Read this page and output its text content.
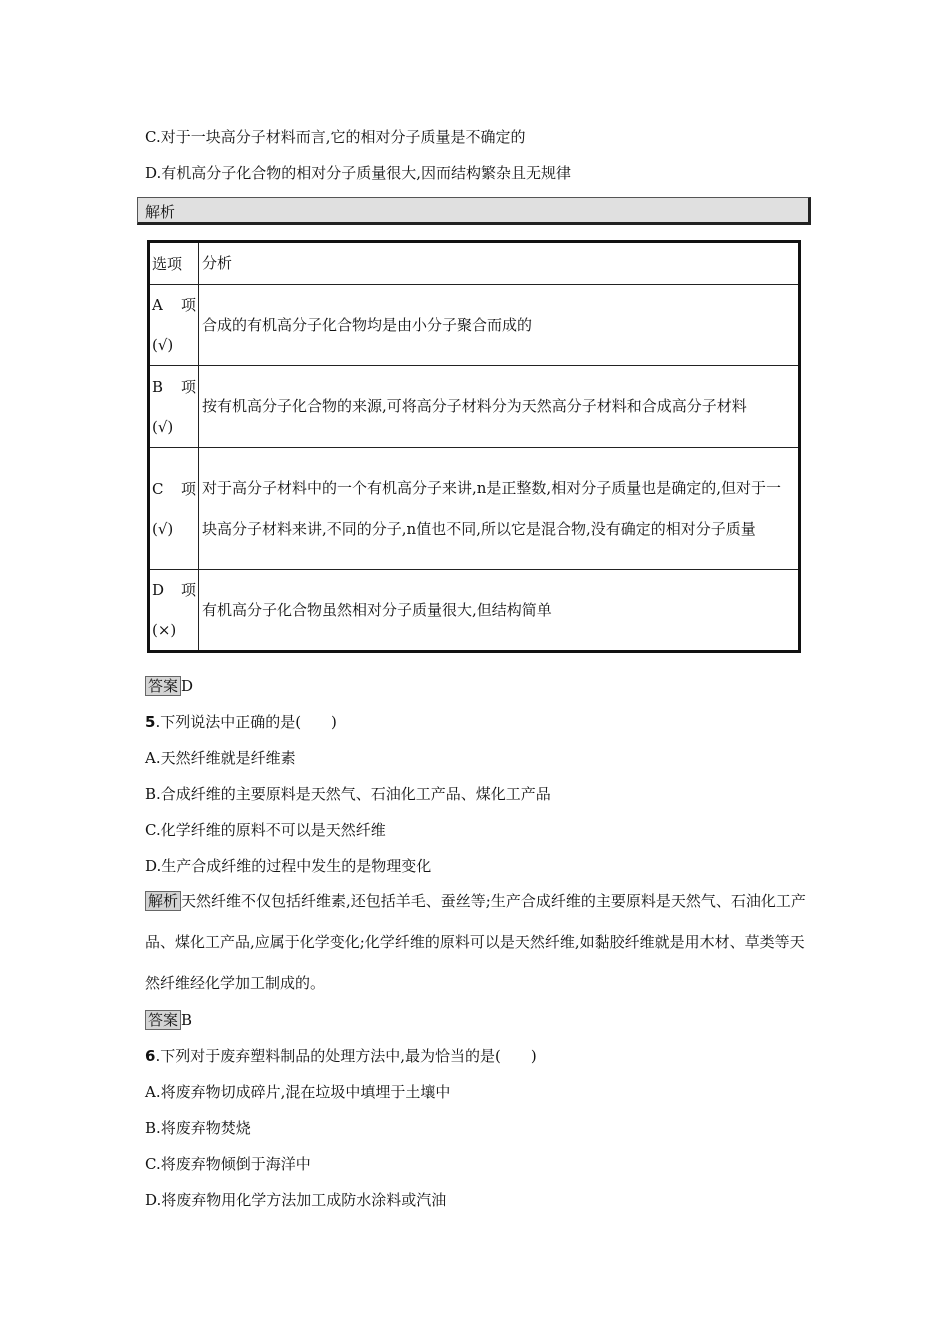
C.对于一块高分子材料而言,它的相对分子质量是不确定的
D.有机高分子化合物的相对分子质量很大,因而结构繁杂且无规律
解析
选项	分析

A 项
(√)	合成的有机高分子化合物均是由小分子聚合而成的

B 项
(√)	按有机高分子化合物的来源,可将高分子材料分为天然高分子材料和合成高分子材料

C 项
(√)	对于高分子材料中的一个有机高分子来讲,n是正整数,相对分子质量也是确定的,但对于一块高分子材料来讲,不同的分子,n值也不同,所以它是混合物,没有确定的相对分子质量

D 项
(×)	有机高分子化合物虽然相对分子质量很大,但结构简单
答案 D
5.下列说法中正确的是(　　)
A.天然纤维就是纤维素
B.合成纤维的主要原料是天然气、石油化工产品、煤化工产品
C.化学纤维的原料不可以是天然纤维
D.生产合成纤维的过程中发生的是物理变化
解析 天然纤维不仅包括纤维素,还包括羊毛、蚕丝等;生产合成纤维的主要原料是天然气、石油化工产品、煤化工产品,应属于化学变化;化学纤维的原料可以是天然纤维,如黏胶纤维就是用木材、草类等天然纤维经化学加工制成的。
答案 B
6.下列对于废弃塑料制品的处理方法中,最为恰当的是(　　)
A.将废弃物切成碎片,混在垃圾中填埋于土壤中
B.将废弃物焚烧
C.将废弃物倾倒于海洋中
D.将废弃物用化学方法加工成防水涂料或汽油
